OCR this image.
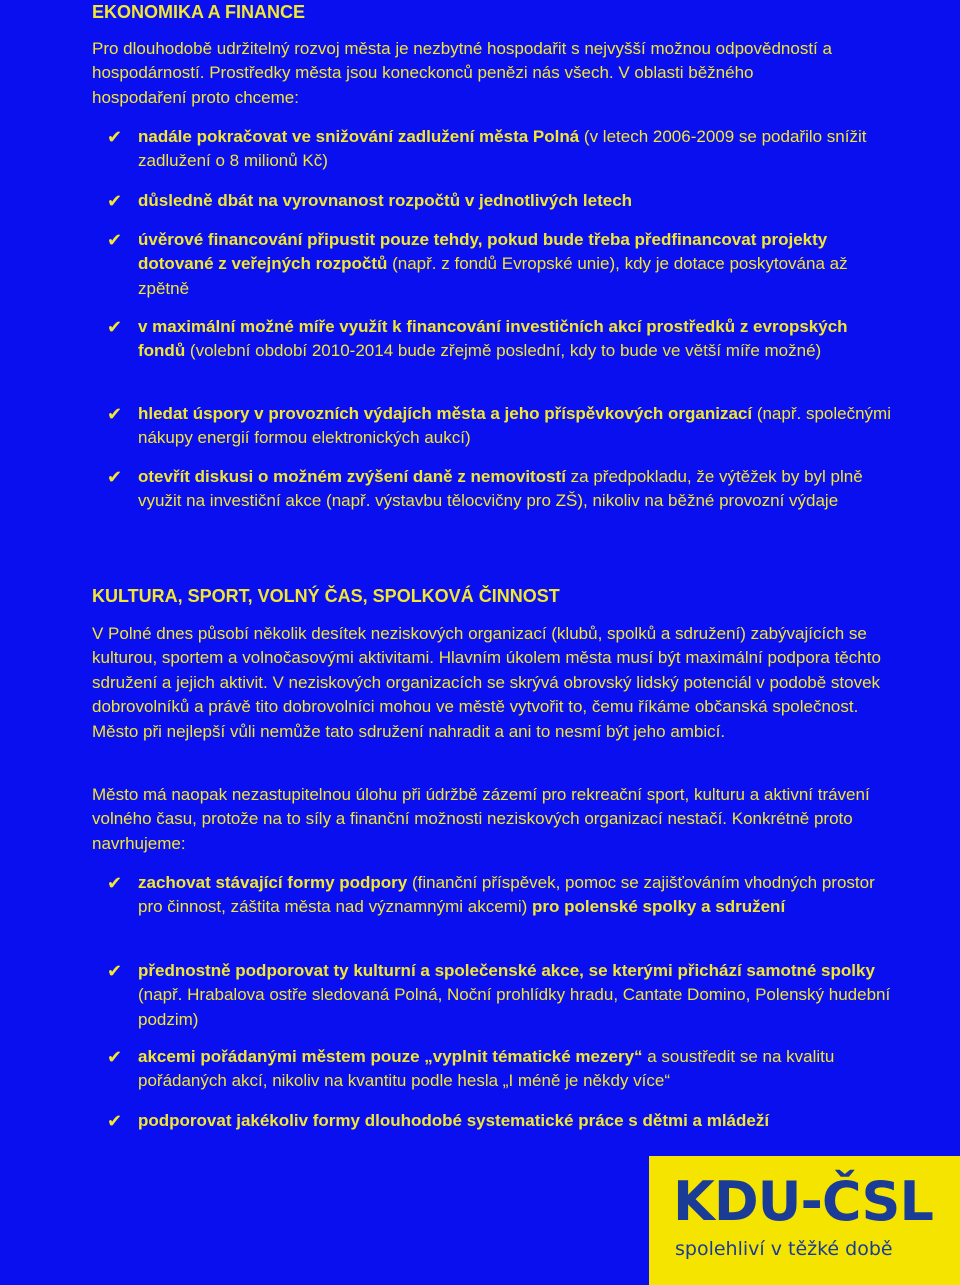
EKONOMIKA A FINANCE

Pro dlouhodobě udržitelný rozvoj města je nezbytné hospodařit s nejvyšší možnou odpovědností a hospodárností. Prostředky města jsou koneckonců penězi nás všech. V oblasti běžného hospodaření proto chceme:

✔ nadále pokračovat ve snižování zadlužení města Polná (v letech 2006-2009 se podařilo snížit zadlužení o 8 milionů Kč)
✔ důsledně dbát na vyrovnanost rozpočtů v jednotlivých letech
✔ úvěrové financování připustit pouze tehdy, pokud bude třeba předfinancovat projekty dotované z veřejných rozpočtů (např. z fondů Evropské unie), kdy je dotace poskytována až zpětně
✔ v maximální možné míře využít k financování investičních akcí prostředků z evropských fondů (volební období 2010-2014 bude zřejmě poslední, kdy to bude ve větší míře možné)
✔ hledat úspory v provozních výdajích města a jeho příspěvkových organizací (např. společnými nákupy energií formou elektronických aukcí)
✔ otevřít diskusi o možném zvýšení daně z nemovitostí za předpokladu, že výtěžek by byl plně využit na investiční akce (např. výstavbu tělocvičny pro ZŠ), nikoliv na běžné provozní výdaje
KULTURA, SPORT, VOLNÝ ČAS, SPOLKOVÁ ČINNOST

V Polné dnes působí několik desítek neziskových organizací (klubů, spolků a sdružení) zabývajících se kulturou, sportem a volnočasovými aktivitami. Hlavním úkolem města musí být maximální podpora těchto sdružení a jejich aktivit. V neziskových organizacích se skrývá obrovský lidský potenciál v podobě stovek dobrovolníků a právě tito dobrovolníci mohou ve městě vytvořit to, čemu říkáme občanská společnost. Město při nejlepší vůli nemůže tato sdružení nahradit a ani to nesmí být jeho ambicí.

Město má naopak nezastupitelnou úlohu při údržbě zázemí pro rekreační sport, kulturu a aktivní trávení volného času, protože na to síly a finanční možnosti neziskových organizací nestačí. Konkrétně proto navrhujeme:

✔ zachovat stávající formy podpory (finanční příspěvek, pomoc se zajišťováním vhodných prostor pro činnost, záštita města nad významnými akcemi) pro polenské spolky a sdružení
✔ přednostně podporovat ty kulturní a společenské akce, se kterými přichází samotné spolky (např. Hrabalova ostře sledovaná Polná, Noční prohlídky hradu, Cantate Domino, Polenský hudební podzim)
✔ akcemi pořádanými městem pouze „vyplnit tématické mezery“ a soustředit se na kvalitu pořádaných akcí, nikoliv na kvantitu podle hesla „I méně je někdy více“
✔ podporovat jakékoliv formy dlouhodobé systematické práce s dětmi a mládeží
KDU-ČSL
spolehliví v těžké době
